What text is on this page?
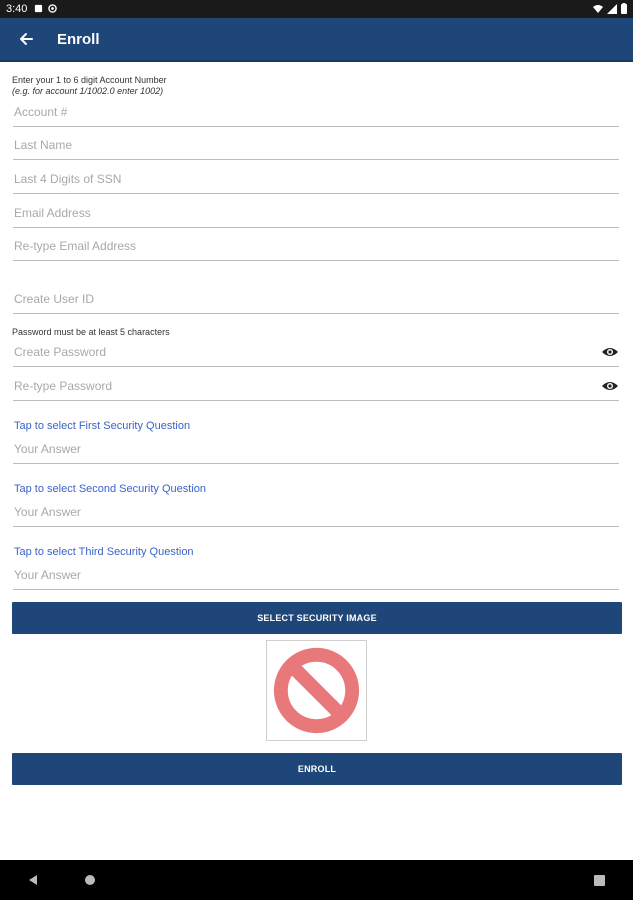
3:40
Enroll
Enter your 1 to 6 digit Account Number
(e.g. for account 1/1002.0 enter 1002)
Account #
Last Name
Last 4 Digits of SSN
Email Address
Re-type Email Address
Create User ID
Password must be at least 5 characters
Create Password
Re-type Password
Tap to select First Security Question
Your Answer
Tap to select Second Security Question
Your Answer
Tap to select Third Security Question
Your Answer
SELECT SECURITY IMAGE
ENROLL
